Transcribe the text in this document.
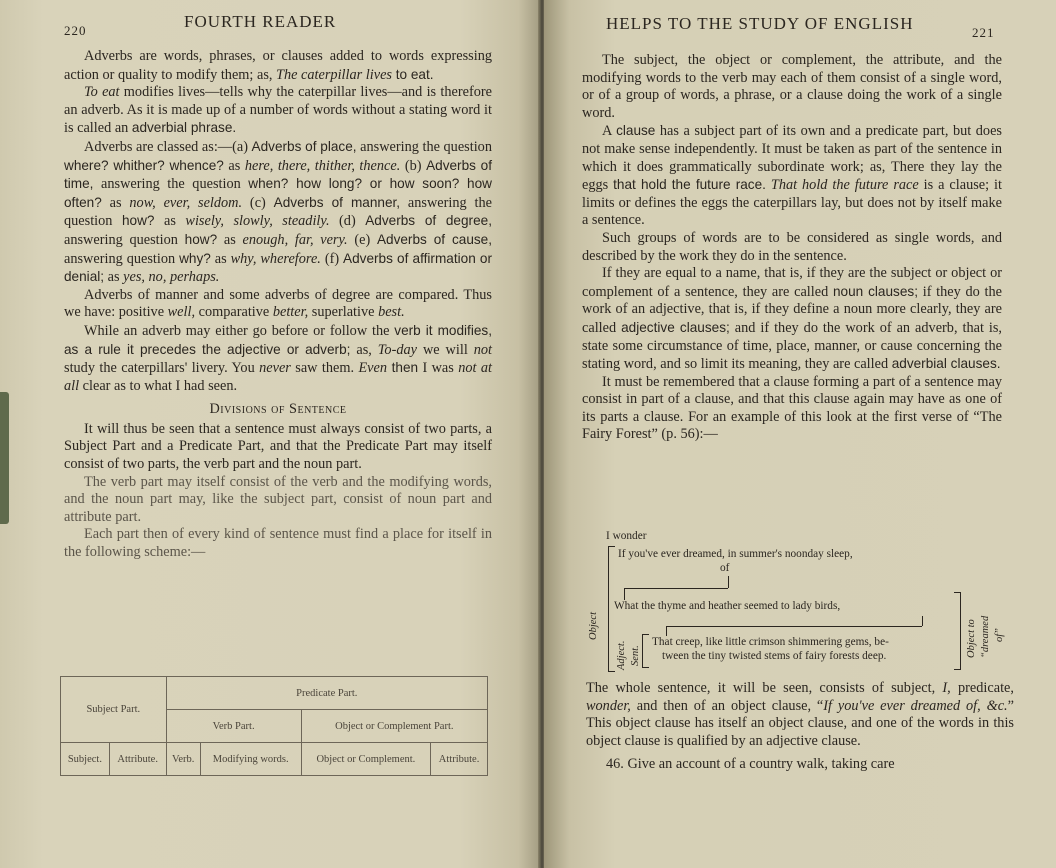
220	FOURTH READER

Adverbs are words, phrases, or clauses added to words expressing action or quality to modify them; as, The caterpillar lives to eat.

To eat modifies lives—tells why the caterpillar lives—and is therefore an adverb. As it is made up of a number of words without a stating word it is called an adverbial phrase.

Adverbs are classed as:—(a) Adverbs of place, answering the question where? whither? whence? as here, there, thither, thence. (b) Adverbs of time, answering the question when? how long? or how soon? how often? as now, ever, seldom. (c) Adverbs of manner, answering the question how? as wisely, slowly, steadily. (d) Adverbs of degree, answering question how? as enough, far, very. (e) Adverbs of cause, answering question why? as why, wherefore. (f) Adverbs of affirmation or denial; as yes, no, perhaps.

Adverbs of manner and some adverbs of degree are compared. Thus we have: positive well, comparative better, superlative best.

While an adverb may either go before or follow the verb it modifies, as a rule it precedes the adjective or adverb; as, To-day we will not study the caterpillars' livery. You never saw them. Even then I was not at all clear as to what I had seen.

Divisions of Sentence

It will thus be seen that a sentence must always consist of two parts, a Subject Part and a Predicate Part, and that the Predicate Part may itself consist of two parts, the verb part and the noun part.

The verb part may itself consist of the verb and the modifying words, and the noun part may, like the subject part, consist of noun part and attribute part.

Each part then of every kind of sentence must find a place for itself in the following scheme:—

Subject Part.		Predicate Part.			
		Verb Part.		Object or Complement Part.	
Subject.	Attribute.	Verb.	Modifying words.	Object or Complement.	Attribute.
HELPS TO THE STUDY OF ENGLISH	221

The subject, the object or complement, the attribute, and the modifying words to the verb may each of them consist of a single word, or of a group of words, a phrase, or a clause doing the work of a single word.

A clause has a subject part of its own and a predicate part, but does not make sense independently. It must be taken as part of the sentence in which it does grammatically subordinate work; as, There they lay the eggs that hold the future race. That hold the future race is a clause; it limits or defines the eggs the caterpillars lay, but does not by itself make a sentence.

Such groups of words are to be considered as single words, and described by the work they do in the sentence.

If they are equal to a name, that is, if they are the subject or object or complement of a sentence, they are called noun clauses; if they do the work of an adjective, that is, if they define a noun more clearly, they are called adjective clauses; and if they do the work of an adverb, that is, state some circumstance of time, place, manner, or cause concerning the stating word, and so limit its meaning, they are called adverbial clauses.

It must be remembered that a clause forming a part of a sentence may consist in part of a clause, and that this clause again may have as one of its parts a clause. For an example of this look at the first verse of “The Fairy Forest” (p. 56):—

I wonder
If you've ever dreamed, in summer's noonday sleep,
of
What the thyme and heather seemed to lady birds,
That creep, like little crimson shimmering gems, be-
tween the tiny twisted stems of fairy forests deep.
Object
Adject. Sent.	Object to “dreamed of”

The whole sentence, it will be seen, consists of subject, I, predicate, wonder, and then of an object clause, “If you've ever dreamed of, &c.” This object clause has itself an object clause, and one of the words in this object clause is qualified by an adjective clause.

46. Give an account of a country walk, taking care
